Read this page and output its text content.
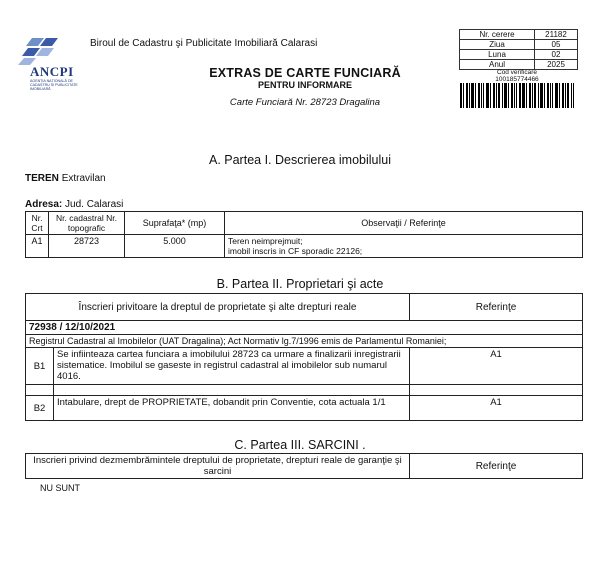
ANCPI
AGENȚIA NAȚIONALĂ DE CADASTRU ȘI PUBLICITATE IMOBILIARĂ
Biroul de Cadastru şi Publicitate Imobiliară Calarasi
EXTRAS DE CARTE FUNCIARĂ
PENTRU INFORMARE
Carte Funciară Nr. 28723 Dragalina
Nr. cerere	21182
Ziua	05
Luna	02
Anul	2025
Cod verificare
100185774466
A. Partea I. Descrierea imobilului
TEREN Extravilan
Adresa: Jud. Calarasi
Nr. Crt	Nr. cadastral Nr. topografic	Suprafaţa* (mp)	Observaţii / Referinţe
A1	28723	5.000	Teren neimprejmuit;
imobil inscris in CF sporadic 22126;
B. Partea II. Proprietari şi acte
Înscrieri privitoare la dreptul de proprietate şi alte drepturi reale		Referinţe
72938 / 12/10/2021		
Registrul Cadastral al Imobilelor (UAT Dragalina); Act Normativ lg.7/1996 emis de Parlamentul Romaniei;		
B1	Se infiinteaza cartea funciara a imobilului 28723 ca urmare a finalizarii inregistrarii sistematice. Imobilul se gaseste in registrul cadastral al imobilelor sub numarul 4016.	A1

B2	Intabulare, drept de PROPRIETATE, dobandit prin Conventie, cota actuala 1/1	A1
C. Partea III. SARCINI .
Inscrieri privind dezmembrămintele dreptului de proprietate, drepturi reale de garanţie şi sarcini	Referinţe
NU SUNT
